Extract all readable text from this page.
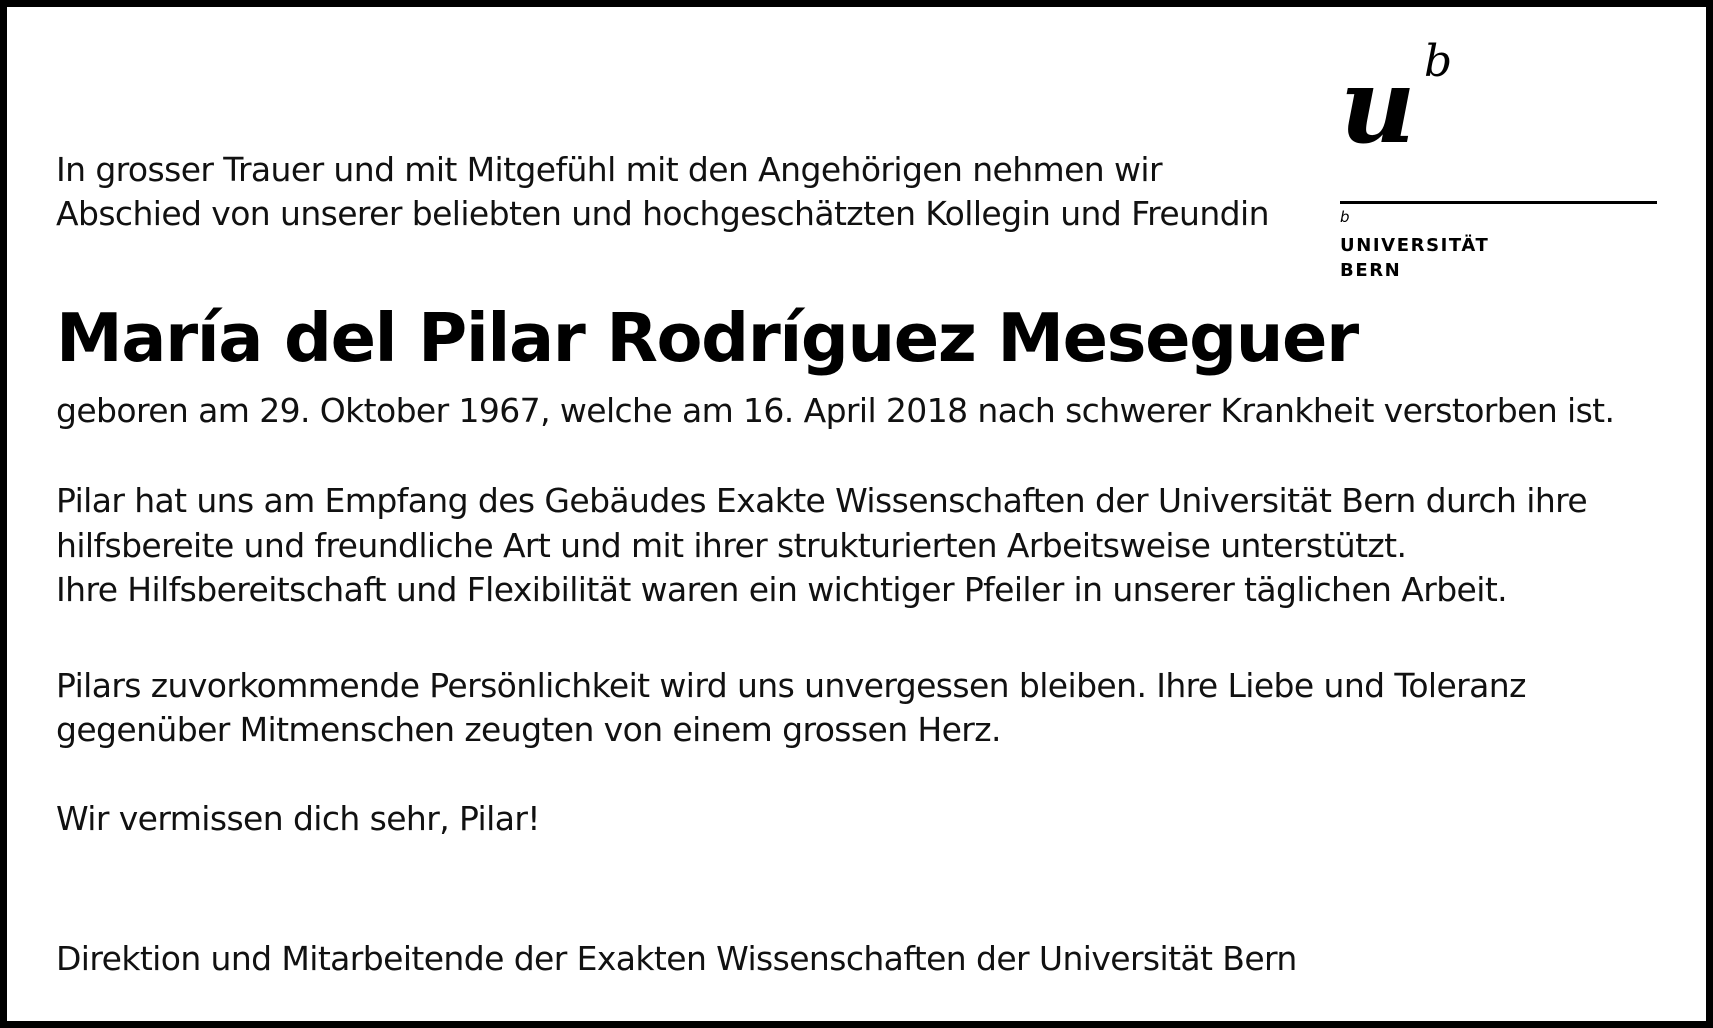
In grosser Trauer und mit Mitgefühl mit den Angehörigen nehmen wir

Abschied von unserer beliebten und hochgeschätzten Kollegin und Freundin

María del Pilar Rodríguez Meseguer

geboren am 29. Oktober 1967, welche am 16. April 2018 nach schwerer Krankheit verstorben ist.

Pilar hat uns am Empfang des Gebäudes Exakte Wissenschaften der Universität Bern durch ihre

hilfsbereite und freundliche Art und mit ihrer strukturierten Arbeitsweise unterstützt.

Ihre Hilfsbereitschaft und Flexibilität waren ein wichtiger Pfeiler in unserer täglichen Arbeit.

Pilars zuvorkommende Persönlichkeit wird uns unvergessen bleiben. Ihre Liebe und Toleranz

gegenüber Mitmenschen zeugten von einem grossen Herz.

Wir vermissen dich sehr, Pilar!

Direktion und Mitarbeitende der Exakten Wissenschaften der Universität Bern

u b
b
UNIVERSITÄT
BERN
